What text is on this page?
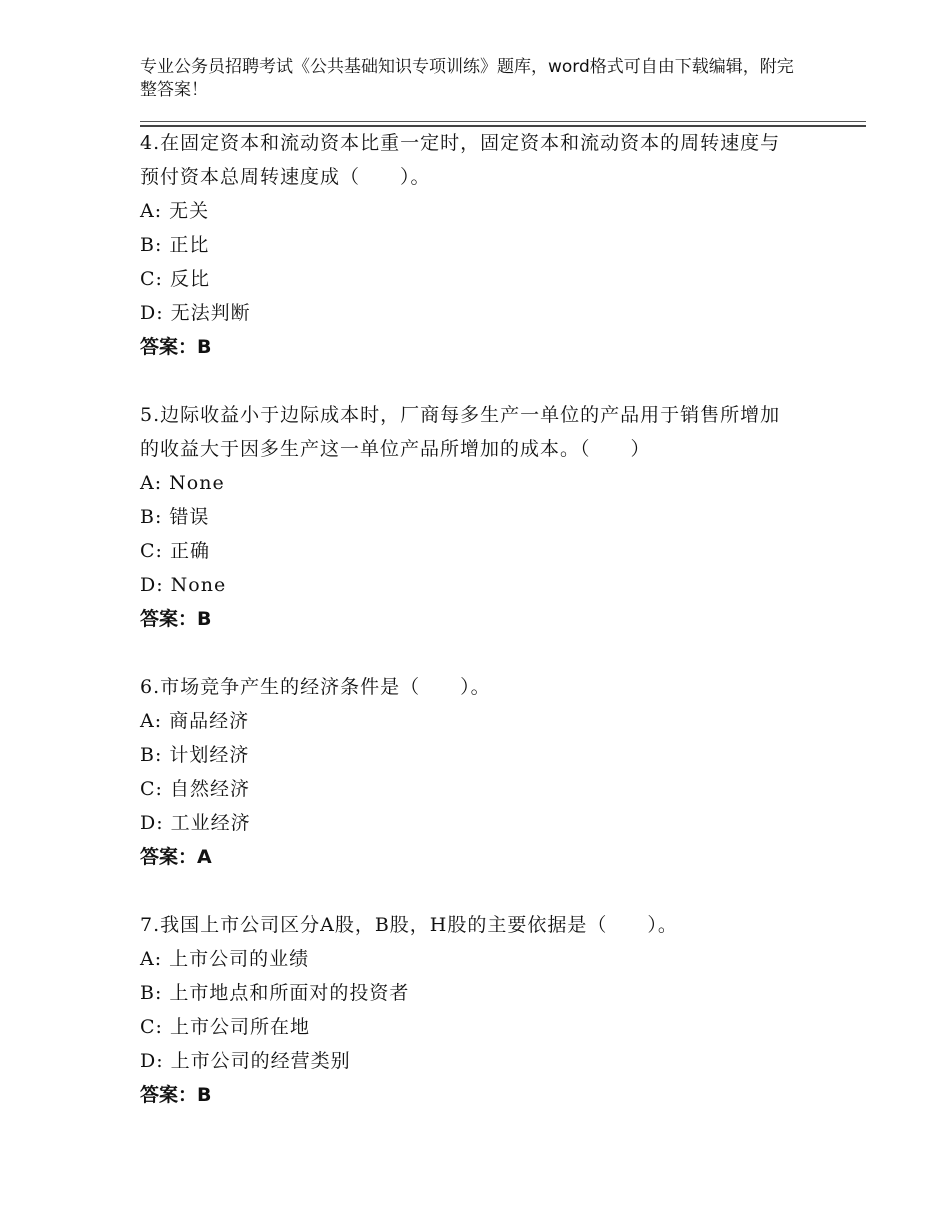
专业公务员招聘考试《公共基础知识专项训练》题库，word格式可自由下载编辑，附完整答案！

4.在固定资本和流动资本比重一定时，固定资本和流动资本的周转速度与预付资本总周转速度成（　　）。

A: 无关

B: 正比

C: 反比

D: 无法判断

答案：B

5.边际收益小于边际成本时，厂商每多生产一单位的产品用于销售所增加的收益大于因多生产这一单位产品所增加的成本。（　　）

A: None

B: 错误

C: 正确

D: None

答案：B

6.市场竞争产生的经济条件是（　　）。

A: 商品经济

B: 计划经济

C: 自然经济

D: 工业经济

答案：A

7.我国上市公司区分A股，B股，H股的主要依据是（　　）。

A: 上市公司的业绩

B: 上市地点和所面对的投资者

C: 上市公司所在地

D: 上市公司的经营类别

答案：B
